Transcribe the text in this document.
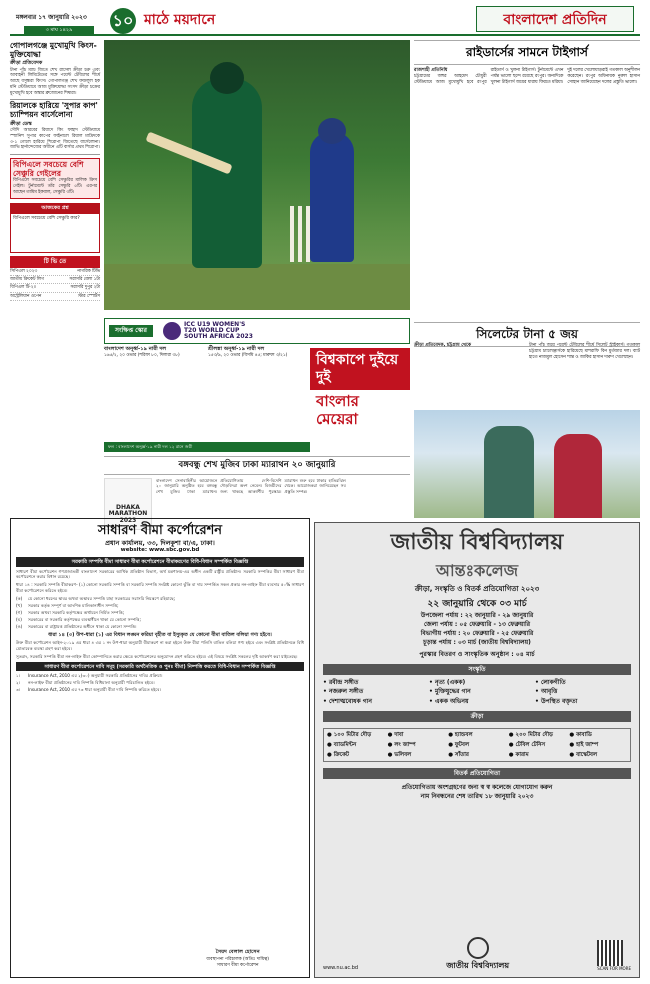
মঙ্গলবার ১৭ জানুয়ারি ২০২৩
৩ মাঘ ১৪২৯	১০ মাঠে ময়দানে	বাংলাদেশ প্রতিদিন
গোপালগঞ্জে মুখোমুখি কিংস-মুক্তিযোদ্ধা
ক্রীড়া প্রতিবেদক
টানা পাঁচ ম্যাচ জিতে শেখ রাসেল ক্রীড়া চক্র এবং আবাহনী লিমিটেডের সঙ্গে পয়েন্ট টেবিলের শীর্ষে আছে বসুন্ধরা কিংস। গোপালগঞ্জ শেখ ফজলুল হক মনি স্টেডিয়ামে আজ মুক্তিযোদ্ধা সংসদ ক্রীড়া চক্রের মুখোমুখি হবে অস্কার ব্রুজোনের শিষ্যরা।
রিয়ালকে হারিয়ে 'সুপার কাপ' চ্যাম্পিয়ন বার্সেলোনা
ক্রীড়া ডেস্ক
সৌদি আরবের রিয়াদে কিং ফাহাদ স্টেডিয়ামে স্প্যানিশ সুপার কাপের ফাইনালে রিয়াল মাদ্রিদকে ৩-১ গোলে হারিয়ে শিরোপা জিতেছে বার্সেলোনা। জাভি হার্নান্দেজের অধীনে এটি বার্সার প্রথম শিরোপা।
বিপিএলে সবচেয়ে বেশি সেঞ্চুরি গেইলের
বিপিএলে সবচেয়ে বেশি সেঞ্চুরির মালিক ক্রিস গেইল। টুর্নামেন্টে তাঁর সেঞ্চুরি ৫টি। এরপর আছেন তামিম ইকবাল, সেঞ্চুরি ৩টি।
আজকের প্রশ্ন
বিপিএলে সবচেয়ে বেশি সেঞ্চুরি কার?
টি ভি তে
সিপিএল ২০২৩	নাগরিক টিভি
জাতীয় ক্রিকেট লিগ	সরাসরি বেলা ১টা
বিপিএল টি-২০	সরাসরি দুপুর ২টা
অস্ট্রেলিয়ান ওপেন	স্টার স্পোর্টস
রাইডার্সের সামনে টাইগার্স
রাজশাহী প্রতিনিধি
চট্টগ্রামের জহুর আহমেদ চৌধুরী স্টেডিয়ামে আজ মুখোমুখি হবে রংপুর রাইডার্স ও খুলনা টাইগার্স। টুর্নামেন্টে এখন পর্যন্ত ভালো ছন্দে রয়েছে রংপুর। অন্যদিকে খুলনা টাইগার্স জয়ের ধারায় ফিরতে মরিয়া। দুই দলের খেলোয়াড়রাই গতকাল অনুশীলন করেছেন। রংপুর অধিনায়ক নুরুল হাসান সোহান জানিয়েছেন দলের প্রস্তুতি ভালো।
সিলেটের টানা ৫ জয়
ক্রীড়া প্রতিবেদক, চট্টগ্রাম থেকে	টানা পাঁচ জয়ে পয়েন্ট টেবিলের শীর্ষে সিলেট স্ট্রাইকার্স। গতকাল চট্টগ্রাম চ্যালেঞ্জার্সকে হারিয়েছে মাশরাফি বিন মুর্তজার দল। ব্যাট হাতে নাজমুল হোসেন শান্ত ও জাকির হাসান দারুণ খেলেছেন।
সংক্ষিপ্ত স্কোর
ICC U19 WOMEN'S
T20 WORLD CUP
SOUTH AFRICA 2023
বাংলাদেশ অনূর্ধ্ব-১৯ নারী দল
১৬৫/২, ২০ ওভার (শরিফা ৮০, দিলারা ৩৮)
শ্রীলঙ্কা অনূর্ধ্ব-১৯ নারী দল
১৫৩/৯, ২০ ওভার (বিসমি ৪৫; মারুফা ৩/২১)	বিশ্বকাপে দুইয়ে দুই
বাংলার মেয়েরা
ফল : বাংলাদেশ অনূর্ধ্ব-১৯ নারী দল ১২ রানে জয়ী
বঙ্গবন্ধু শেখ মুজিব ঢাকা ম্যারাথন ২০ জানুয়ারি
DHAKA MARATHON 2023
বাংলাদেশ সেনাবাহিনীর আয়োজনে ২০ জানুয়ারি অনুষ্ঠিত হবে বঙ্গবন্ধু শেখ মুজিব ঢাকা ম্যারাথন। প্রতিযোগিতায় দেশি-বিদেশি দৌড়বিদরা অংশ নেবেন। বিজয়ীদের জন্য থাকছে আকর্ষণীয় পুরস্কার। ম্যারাথন শুরু হবে ঢাকার হাতিরঝিল থেকে। আয়োজকরা জানিয়েছেন সব প্রস্তুতি সম্পন্ন।
সাধারণ বীমা কর্পোরেশন
প্রধান কার্যালয়, ৩৩, দিলকুশা বা/এ, ঢাকা।
website: www.sbc.gov.bd
সরকারি সম্পত্তি বীমা সাধারণ বীমা কর্পোরেশনে বীমাকরণের বিধি-বিধান সম্পর্কিত বিজ্ঞপ্তি
সাধারণ বীমা কর্পোরেশন গণপ্রজাতন্ত্রী বাংলাদেশ সরকারের আর্থিক প্রতিষ্ঠান বিভাগ, অর্থ মন্ত্রণালয়-এর অধীন একটি রাষ্ট্রীয় প্রতিষ্ঠান। সরকারি সম্পত্তির বীমা সাধারণ বীমা কর্পোরেশনে করার বিধান রয়েছে।
ধারা ১৪ : সরকারি সম্পত্তি বীমাকরণ- (১) কোনো সরকারি সম্পত্তি বা সরকারি সম্পত্তি সংশ্লিষ্ট কোনো ঝুঁকি বা দায় সম্পর্কিত সকল প্রকার নন-লাইফ বীমা ব্যবসার ৫০% সাধারণ বীমা কর্পোরেশনে করিতে হইবে।
(ক)	যে কোনো ধরনের স্থাবর অথবা অস্থাবর সম্পত্তি যাহা সরকারের সরাসরি নিয়ন্ত্রণে রহিয়াছে;
(খ)	সরকার কর্তৃক সম্পূর্ণ বা আংশিক মালিকানাধীন সম্পত্তি;
(গ)	সরকার অথবা সরকারি কর্তৃপক্ষের অর্থায়নে নির্মিত সম্পত্তি;
(ঘ)	সরকারের বা সরকারি কর্তৃপক্ষের ব্যবস্থাধীনে থাকা যে কোনো সম্পত্তি;
(ঙ)	সরকারের বা রাষ্ট্রায়ত্ত প্রতিষ্ঠানের অধীনে থাকা যে কোনো সম্পত্তি।
ধারা ১৪ (৩) উপ-ধারা (১) এর বিধান লঙ্ঘন করিয়া বৃহীত বা ইস্যুকৃত যে কোনো বীমা বাতিল বলিয়া গণ্য হইবে।
উক্ত বীমা কর্পোরেশন আইন-২০১৯ এর ধারা ৪ এর ১ নং উপ-ধারা অনুযায়ী বীমাকরণ না করা হইলে উক্ত বীমা পলিসি বাতিল বলিয়া গণ্য হইবে এবং সংশ্লিষ্ট প্রতিষ্ঠানকে বিধি মোতাবেক ব্যবস্থা গ্রহণ করা হইবে।
সুতরাং, সরকারি সম্পত্তি বীমা নন-লাইফ বীমা কোম্পানিতে করার ক্ষেত্রে কর্পোরেশনের অনুমোদন গ্রহণ করিতে হইবে। এই বিষয়ে সংশ্লিষ্ট সকলের দৃষ্টি আকর্ষণ করা যাইতেছে।
সাধারণ বীমা কর্পোরেশনে দাবি সমূহ (সরকারি অর্থনৈতিক ও পুনঃ বীমা) নিষ্পত্তি করতে বিধি-বিধান সম্পর্কিত বিজ্ঞপ্তি
১।	Insurance Act, 2010 এর ২(৩০) অনুযায়ী সরকারি প্রতিষ্ঠানের দাবির প্রক্রিয়া।
২।	নন-লাইফ বীমা প্রতিষ্ঠানের দাবি নিষ্পত্তি বিধিমালা অনুযায়ী পরিচালিত হইবে।
৩।	Insurance Act, 2010 এর ৭৩ ধারা অনুযায়ী বীমা দাবি নিষ্পত্তি করিতে হইবে।
সৈয়দ বেলাল হোসেন
ব্যবস্থাপনা পরিচালক (অতিঃ দায়িত্ব)
সাধারণ বীমা কর্পোরেশন
জাতীয় বিশ্ববিদ্যালয়
আন্তঃকলেজ
ক্রীড়া, সংস্কৃতি ও বিতর্ক প্রতিযোগিতা ২০২৩
২২ জানুয়ারি থেকে ০৩ মার্চ
উপজেলা পর্যায় : ২২ জানুয়ারি - ২৯ জানুয়ারি
জেলা পর্যায় : ০৫ ফেব্রুয়ারি - ১৩ ফেব্রুয়ারি
বিভাগীয় পর্যায় : ২০ ফেব্রুয়ারি - ২৫ ফেব্রুয়ারি
চূড়ান্ত পর্যায় : ০৩ মার্চ (জাতীয় বিশ্ববিদ্যালয়)
পুরস্কার বিতরণ ও সাংস্কৃতিক অনুষ্ঠান : ০৪ মার্চ
সংস্কৃতি
• রবীন্দ্র সঙ্গীত	• নৃত্য (একক)	• লোকগীতি
• নজরুল সঙ্গীত	• মুক্তিযুদ্ধের গান	• আবৃত্তি
• দেশাত্মবোধক গান	• একক অভিনয়	• উপস্থিত বক্তৃতা
ক্রীড়া
● ১০০ মিটার দৌড়	● দাবা	● হ্যান্ডবল	● ২০০ মিটার দৌড়	● কাবাডি
● ব্যাডমিন্টন	● লং জাম্প	● ফুটবল	● টেবিল টেনিস	● হাই জাম্প
● ক্রিকেট	● ভলিবল	● সাঁতার	● কারাম	● বাস্কেটবল
বিতর্ক প্রতিযোগিতা
প্রতিযোগিতায় অংশগ্রহণের জন্য স্ব স্ব কলেজে যোগাযোগ করুন
নাম নিবন্ধনের শেষ তারিখ ১৮ জানুয়ারি ২০২৩
www.nu.ac.bd	জাতীয় বিশ্ববিদ্যালয়	SCAN FOR MORE
